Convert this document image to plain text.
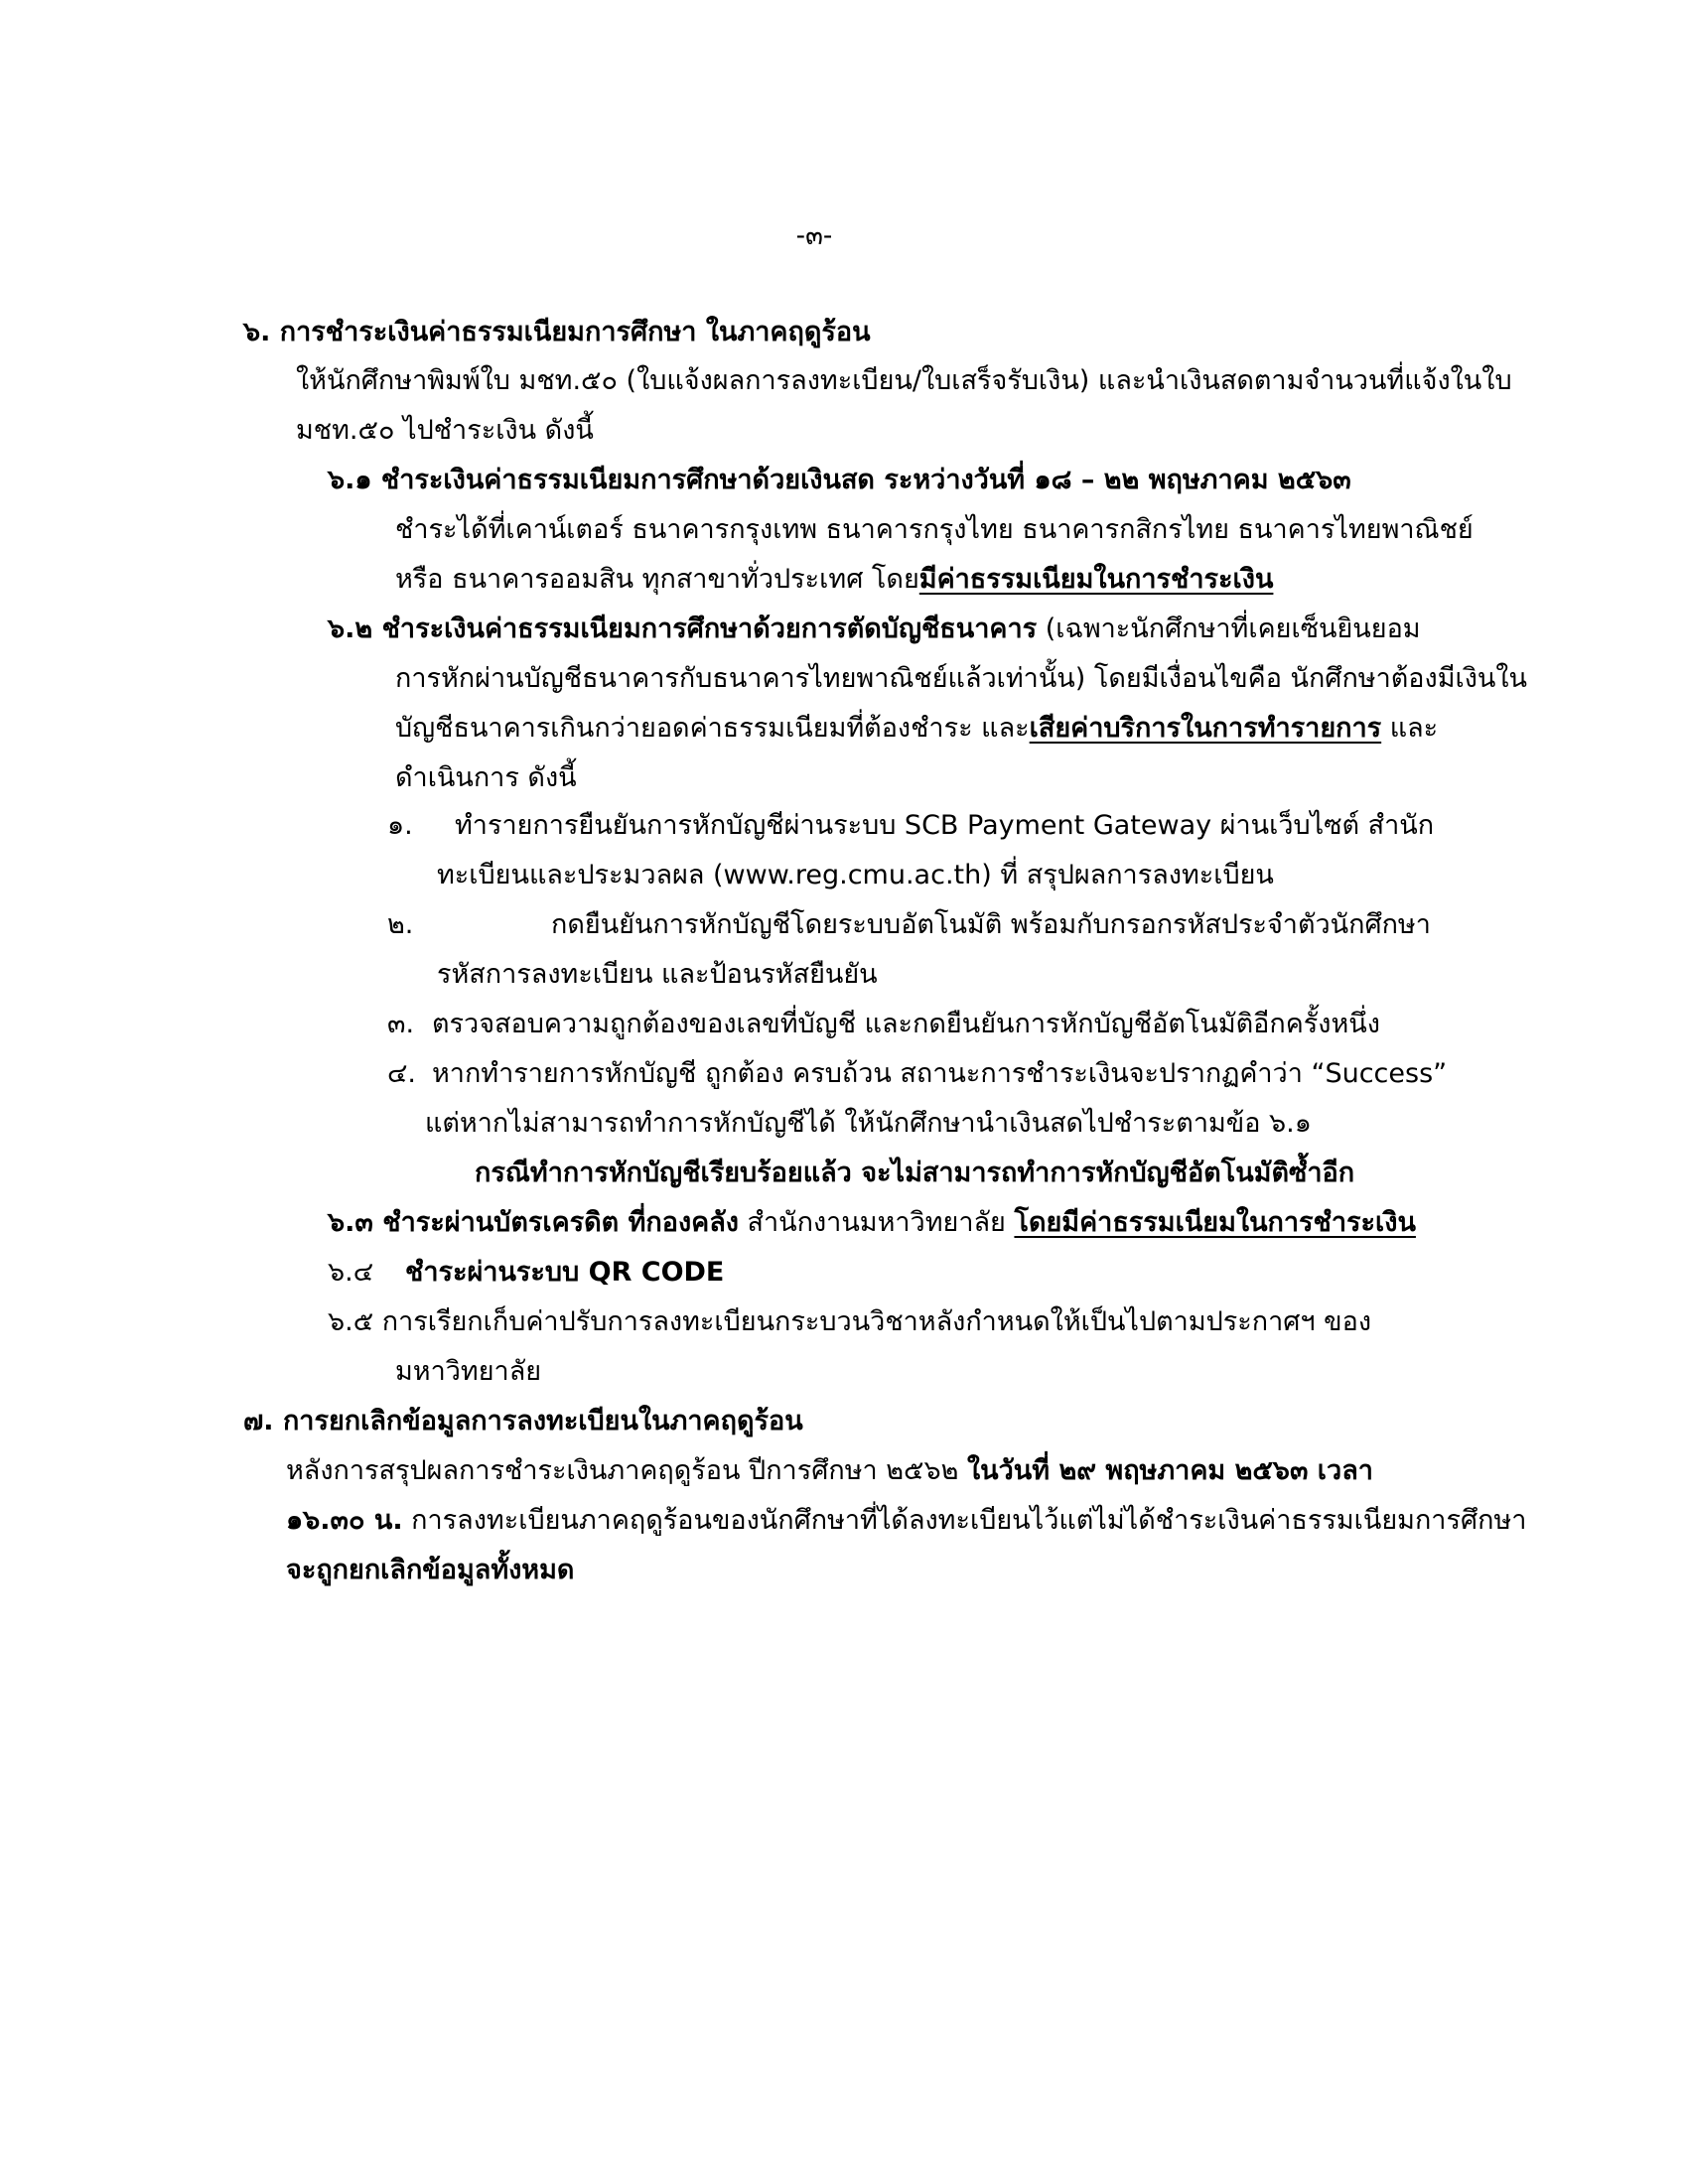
-๓-
๖. การชำระเงินค่าธรรมเนียมการศึกษา ในภาคฤดูร้อน
ให้นักศึกษาพิมพ์ใบ มชท.๕๐ (ใบแจ้งผลการลงทะเบียน/ใบเสร็จรับเงิน) และนำเงินสดตามจำนวนที่แจ้งในใบ
มชท.๕๐ ไปชำระเงิน ดังนี้
๖.๑ ชำระเงินค่าธรรมเนียมการศึกษาด้วยเงินสด ระหว่างวันที่ ๑๘ – ๒๒ พฤษภาคม ๒๕๖๓
ชำระได้ที่เคาน์เตอร์ ธนาคารกรุงเทพ ธนาคารกรุงไทย ธนาคารกสิกรไทย ธนาคารไทยพาณิชย์
หรือ ธนาคารออมสิน ทุกสาขาทั่วประเทศ โดยมีค่าธรรมเนียมในการชำระเงิน
๖.๒ ชำระเงินค่าธรรมเนียมการศึกษาด้วยการตัดบัญชีธนาคาร (เฉพาะนักศึกษาที่เคยเซ็นยินยอม
การหักผ่านบัญชีธนาคารกับธนาคารไทยพาณิชย์แล้วเท่านั้น) โดยมีเงื่อนไขคือ นักศึกษาต้องมีเงินใน
บัญชีธนาคารเกินกว่ายอดค่าธรรมเนียมที่ต้องชำระ และเสียค่าบริการในการทำรายการ และ
ดำเนินการ ดังนี้
๑. ทำรายการยืนยันการหักบัญชีผ่านระบบ SCB Payment Gateway ผ่านเว็บไซต์ สำนัก
ทะเบียนและประมวลผล (www.reg.cmu.ac.th) ที่ สรุปผลการลงทะเบียน
๒.	กดยืนยันการหักบัญชีโดยระบบอัตโนมัติ พร้อมกับกรอกรหัสประจำตัวนักศึกษา
รหัสการลงทะเบียน และป้อนรหัสยืนยัน
๓. ตรวจสอบความถูกต้องของเลขที่บัญชี และกดยืนยันการหักบัญชีอัตโนมัติอีกครั้งหนึ่ง
๔. หากทำรายการหักบัญชี ถูกต้อง ครบถ้วน สถานะการชำระเงินจะปรากฏคำว่า “Success”
แต่หากไม่สามารถทำการหักบัญชีได้ ให้นักศึกษานำเงินสดไปชำระตามข้อ ๖.๑
กรณีทำการหักบัญชีเรียบร้อยแล้ว จะไม่สามารถทำการหักบัญชีอัตโนมัติซ้ำอีก
๖.๓ ชำระผ่านบัตรเครดิต ที่กองคลัง สำนักงานมหาวิทยาลัย โดยมีค่าธรรมเนียมในการชำระเงิน
๖.๔ ชำระผ่านระบบ QR CODE
๖.๕ การเรียกเก็บค่าปรับการลงทะเบียนกระบวนวิชาหลังกำหนดให้เป็นไปตามประกาศฯ ของ
มหาวิทยาลัย
๗. การยกเลิกข้อมูลการลงทะเบียนในภาคฤดูร้อน
หลังการสรุปผลการชำระเงินภาคฤดูร้อน ปีการศึกษา ๒๕๖๒ ในวันที่ ๒๙ พฤษภาคม ๒๕๖๓ เวลา
๑๖.๓๐ น. การลงทะเบียนภาคฤดูร้อนของนักศึกษาที่ได้ลงทะเบียนไว้แต่ไม่ได้ชำระเงินค่าธรรมเนียมการศึกษา
จะถูกยกเลิกข้อมูลทั้งหมด
